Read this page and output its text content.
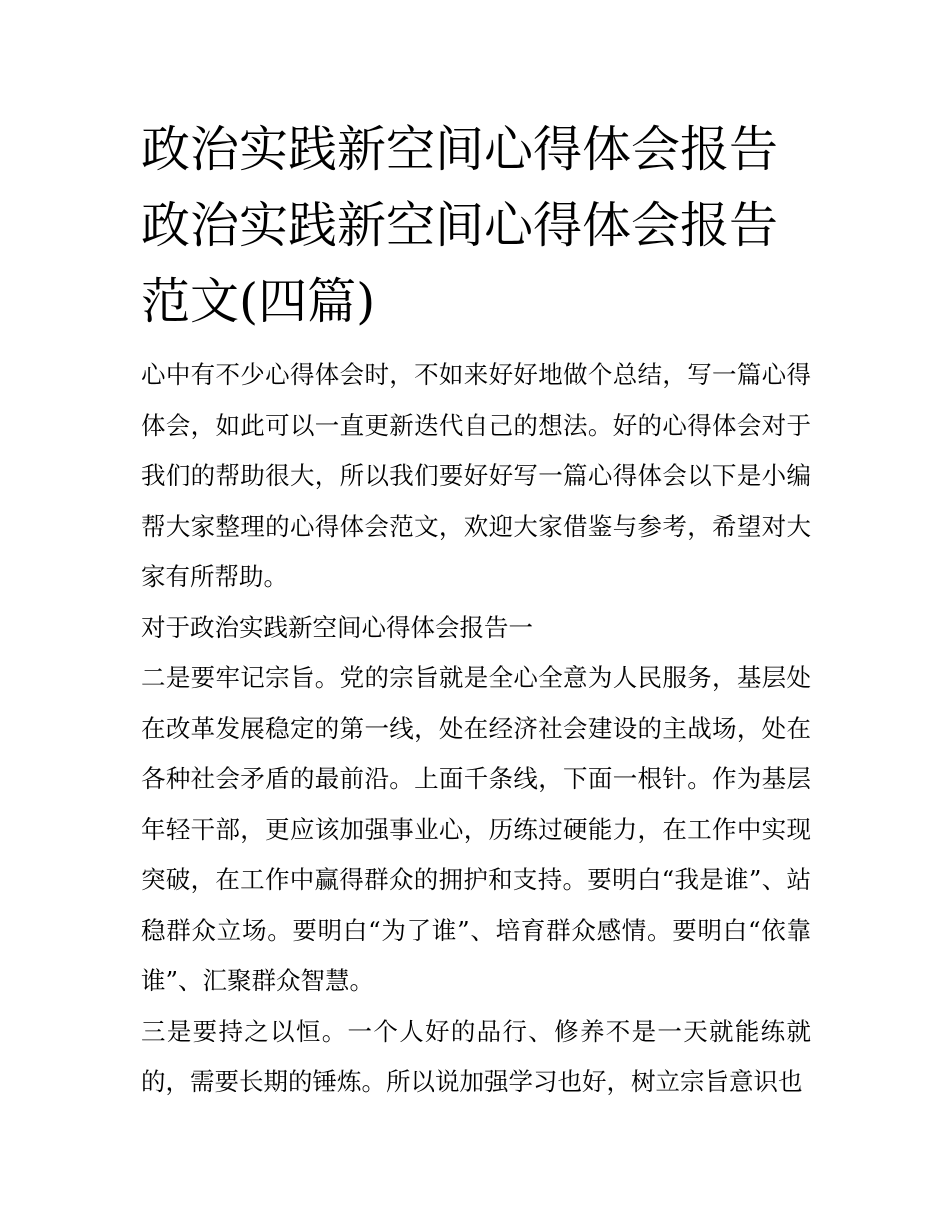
政治实践新空间心得体会报告政治实践新空间心得体会报告范文(四篇)

心中有不少心得体会时，不如来好好地做个总结，写一篇心得体会，如此可以一直更新迭代自己的想法。好的心得体会对于我们的帮助很大，所以我们要好好写一篇心得体会以下是小编帮大家整理的心得体会范文，欢迎大家借鉴与参考，希望对大家有所帮助。

对于政治实践新空间心得体会报告一

二是要牢记宗旨。党的宗旨就是全心全意为人民服务，基层处在改革发展稳定的第一线，处在经济社会建设的主战场，处在各种社会矛盾的最前沿。上面千条线，下面一根针。作为基层年轻干部，更应该加强事业心，历练过硬能力，在工作中实现突破，在工作中赢得群众的拥护和支持。要明白“我是谁”、站稳群众立场。要明白“为了谁”、培育群众感情。要明白“依靠谁”、汇聚群众智慧。

三是要持之以恒。一个人好的品行、修养不是一天就能练就的，需要长期的锤炼。所以说加强学习也好，树立宗旨意识也
